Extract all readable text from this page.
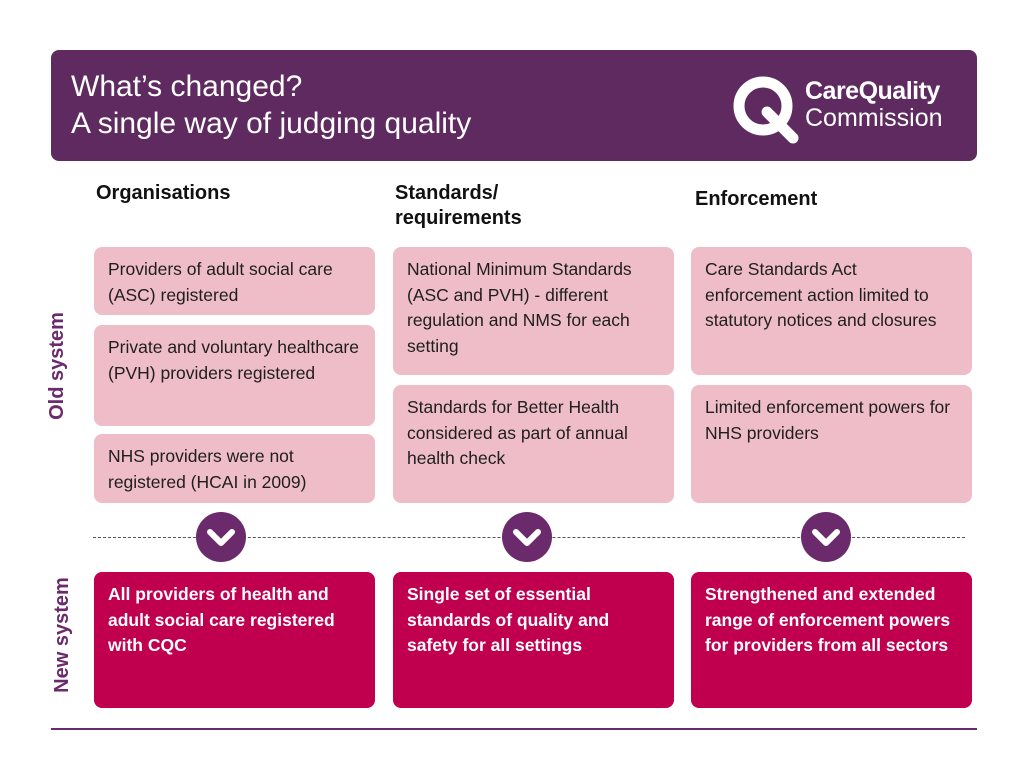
What’s changed?
A single way of judging quality
CareQuality
Commission
Organisations	Standards/
requirements
Enforcement
Old system
New system
Providers of adult social care (ASC) registered
Private and voluntary healthcare (PVH) providers registered
NHS providers were not registered (HCAI in 2009)
National Minimum Standards (ASC and PVH) - different regulation and NMS for each setting
Standards for Better Health considered as part of annual health check
Care Standards Act enforcement action limited to statutory notices and closures
Limited enforcement powers for NHS providers
All providers of health and adult social care registered with CQC
Single set of essential standards of quality and safety for all settings
Strengthened and extended range of enforcement powers for providers from all sectors
